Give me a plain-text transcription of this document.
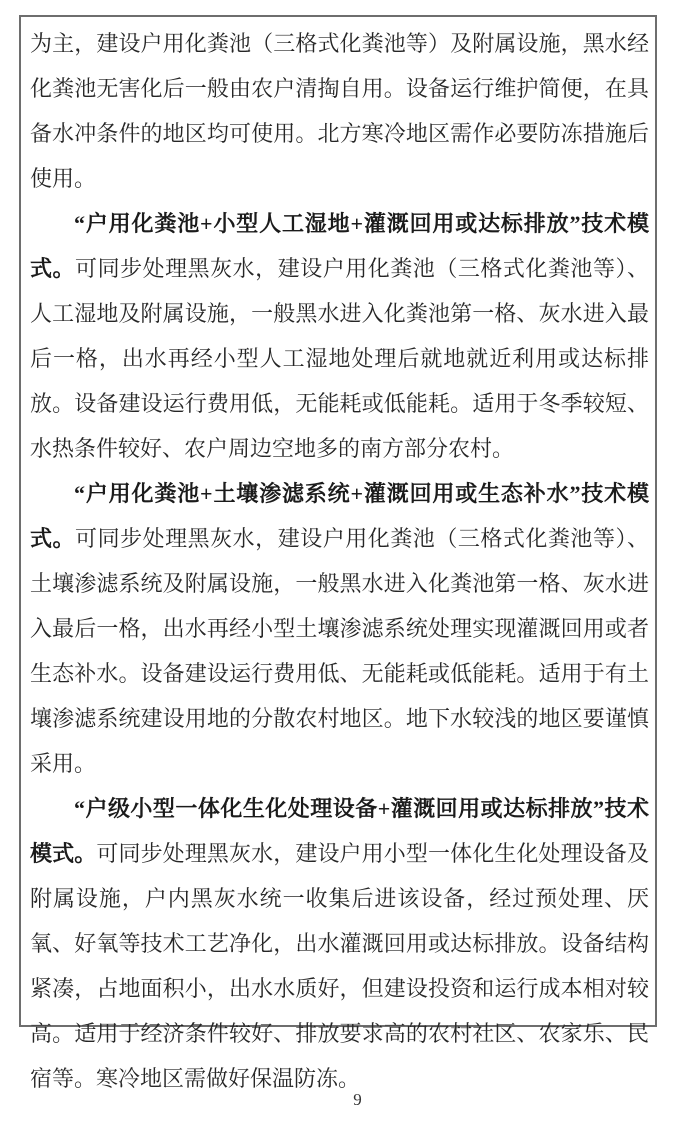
为主，建设户用化粪池（三格式化粪池等）及附属设施，黑水经化粪池无害化后一般由农户清掏自用。设备运行维护简便，在具备水冲条件的地区均可使用。北方寒冷地区需作必要防冻措施后使用。

“户用化粪池+小型人工湿地+灌溉回用或达标排放”技术模式。可同步处理黑灰水，建设户用化粪池（三格式化粪池等）、人工湿地及附属设施，一般黑水进入化粪池第一格、灰水进入最后一格，出水再经小型人工湿地处理后就地就近利用或达标排放。设备建设运行费用低，无能耗或低能耗。适用于冬季较短、水热条件较好、农户周边空地多的南方部分农村。

“户用化粪池+土壤渗滤系统+灌溉回用或生态补水”技术模式。可同步处理黑灰水，建设户用化粪池（三格式化粪池等）、土壤渗滤系统及附属设施，一般黑水进入化粪池第一格、灰水进入最后一格，出水再经小型土壤渗滤系统处理实现灌溉回用或者生态补水。设备建设运行费用低、无能耗或低能耗。适用于有土壤渗滤系统建设用地的分散农村地区。地下水较浅的地区要谨慎采用。

“户级小型一体化生化处理设备+灌溉回用或达标排放”技术模式。可同步处理黑灰水，建设户用小型一体化生化处理设备及附属设施，户内黑灰水统一收集后进该设备，经过预处理、厌氧、好氧等技术工艺净化，出水灌溉回用或达标排放。设备结构紧凑，占地面积小，出水水质好，但建设投资和运行成本相对较高。适用于经济条件较好、排放要求高的农村社区、农家乐、民宿等。寒冷地区需做好保温防冻。

9
